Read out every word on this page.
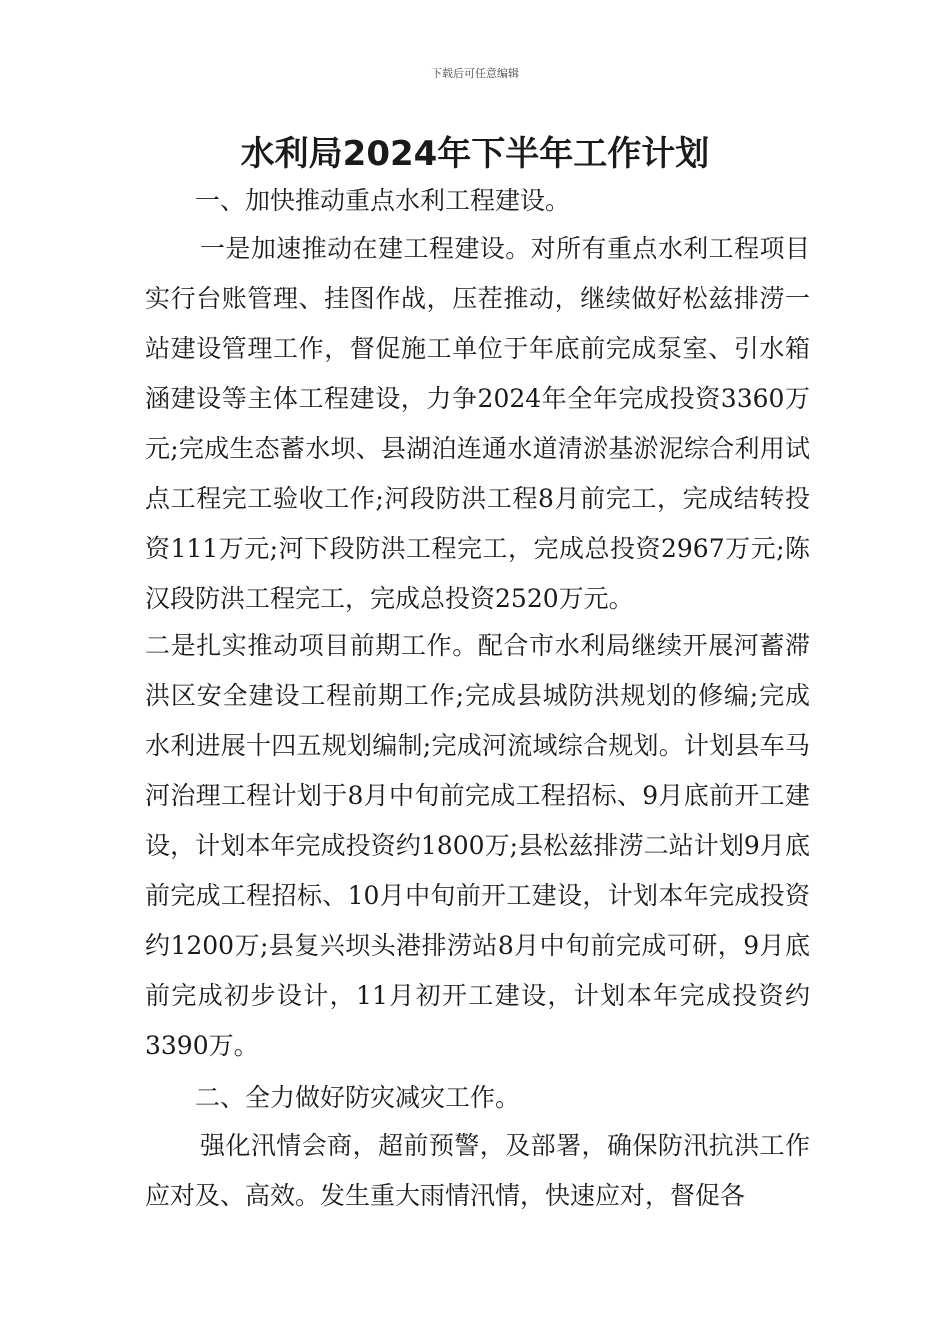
下载后可任意编辑
水利局2024年下半年工作计划

一、加快推动重点水利工程建设。

一是加速推动在建工程建设。对所有重点水利工程项目实行台账管理、挂图作战，压茬推动，继续做好松兹排涝一站建设管理工作，督促施工单位于年底前完成泵室、引水箱涵建设等主体工程建设，力争2024年全年完成投资3360万元;完成生态蓄水坝、县湖泊连通水道清淤基淤泥综合利用试点工程完工验收工作;河段防洪工程8月前完工，完成结转投资111万元;河下段防洪工程完工，完成总投资2967万元;陈汉段防洪工程完工，完成总投资2520万元。

二是扎实推动项目前期工作。配合市水利局继续开展河蓄滞洪区安全建设工程前期工作;完成县城防洪规划的修编;完成水利进展十四五规划编制;完成河流域综合规划。计划县车马河治理工程计划于8月中旬前完成工程招标、9月底前开工建设，计划本年完成投资约1800万;县松兹排涝二站计划9月底前完成工程招标、10月中旬前开工建设，计划本年完成投资约1200万;县复兴坝头港排涝站8月中旬前完成可研，9月底前完成初步设计，11月初开工建设，计划本年完成投资约3390万。

二、全力做好防灾减灾工作。

强化汛情会商，超前预警，及部署，确保防汛抗洪工作应对及、高效。发生重大雨情汛情，快速应对，督促各
